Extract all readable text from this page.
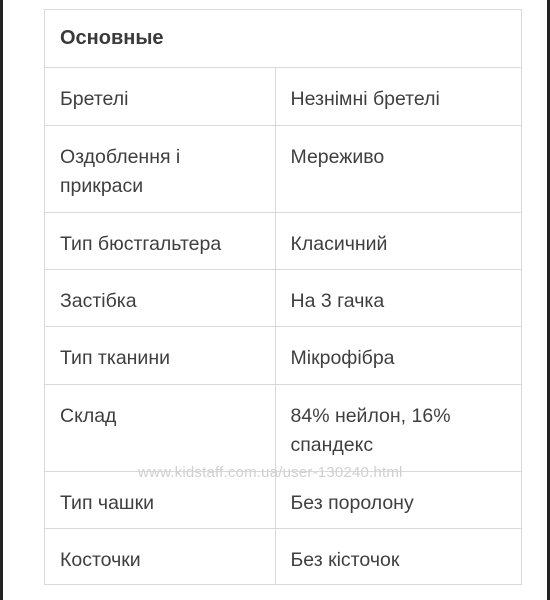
Основные
Бретелі	Незнімні бретелі
Оздоблення і прикраси	Мереживо
Тип бюстгальтера	Класичний
Застібка	На 3 гачка
Тип тканини	Мікрофібра
Склад	84% нейлон, 16% спандекс
Тип чашки	Без поролону
Косточки	Без кісточок
www.kidstaff.com.ua/user-130240.html
